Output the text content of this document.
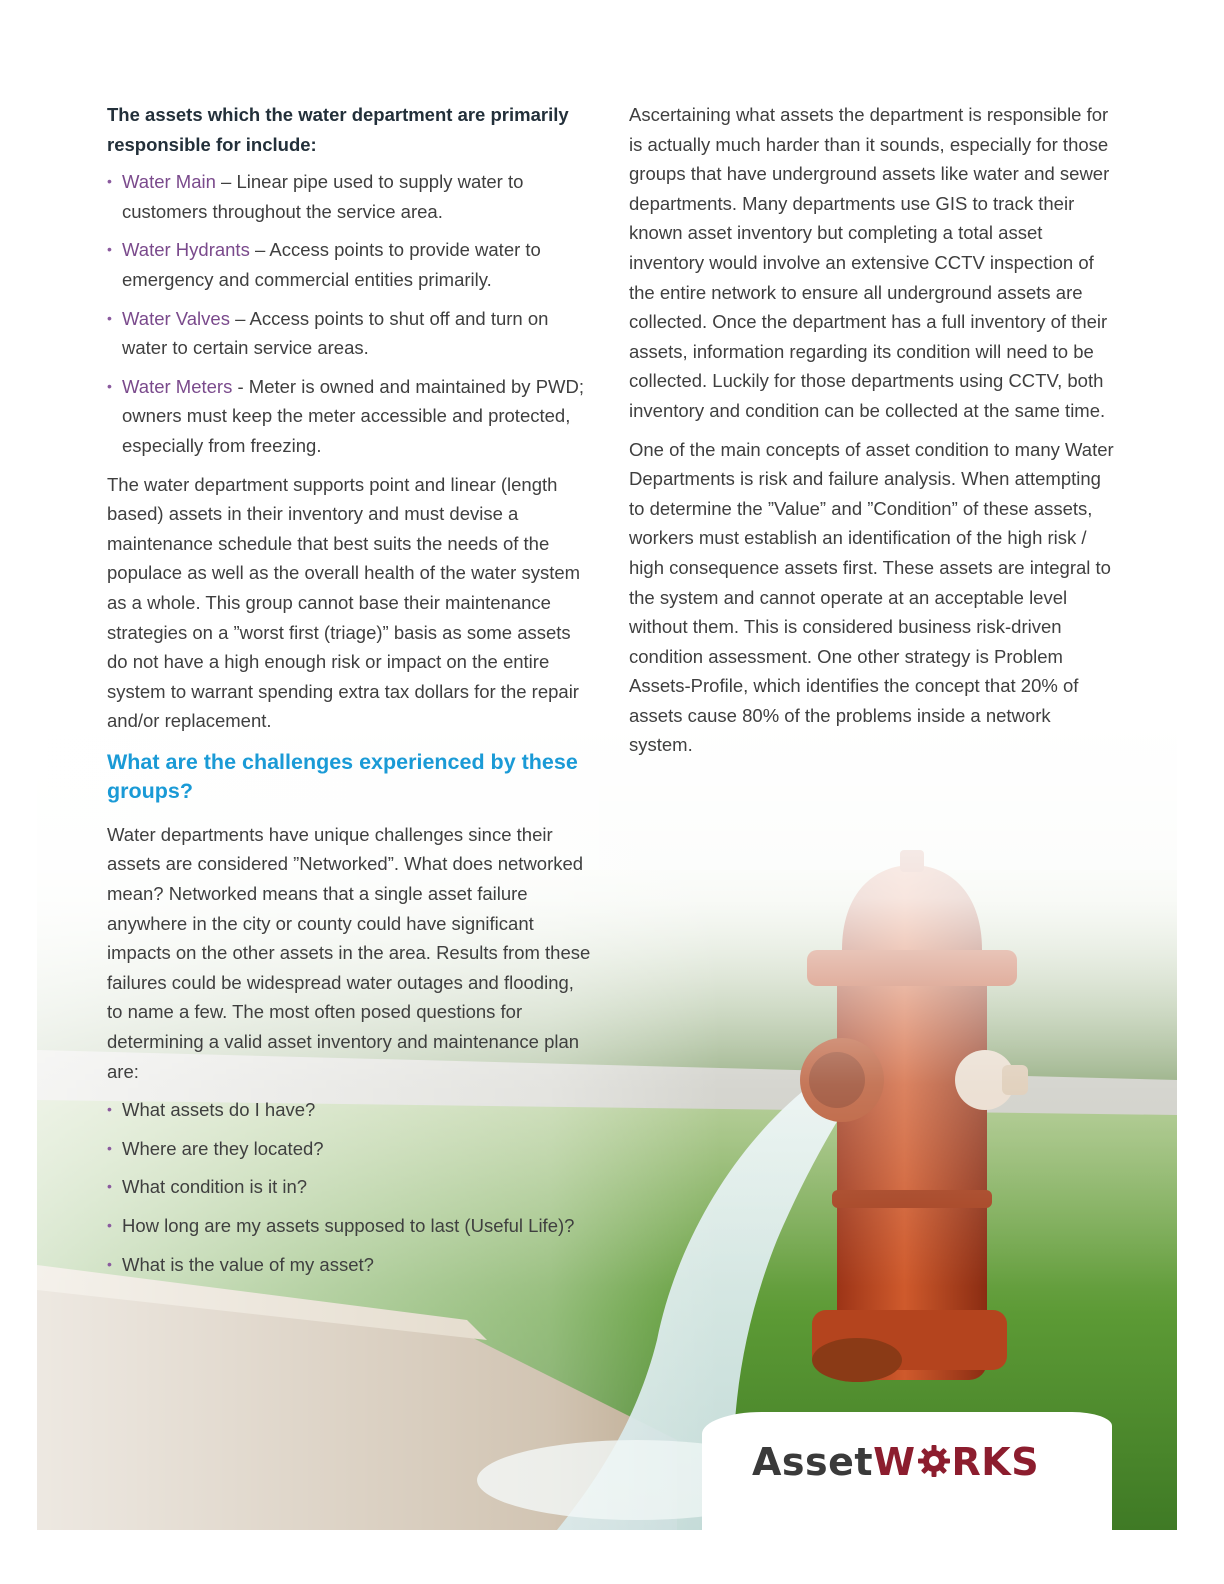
The assets which the water department are primarily responsible for include:

• Water Main – Linear pipe used to supply water to customers throughout the service area.
• Water Hydrants – Access points to provide water to emergency and commercial entities primarily.
• Water Valves – Access points to shut off and turn on water to certain service areas.
• Water Meters - Meter is owned and maintained by PWD; owners must keep the meter accessible and protected, especially from freezing.

The water department supports point and linear (length based) assets in their inventory and must devise a maintenance schedule that best suits the needs of the populace as well as the overall health of the water system as a whole. This group cannot base their maintenance strategies on a ”worst first (triage)” basis as some assets do not have a high enough risk or impact on the entire system to warrant spending extra tax dollars for the repair and/or replacement.

What are the challenges experienced by these groups?

Water departments have unique challenges since their assets are considered ”Networked”. What does networked mean? Networked means that a single asset failure anywhere in the city or county could have significant impacts on the other assets in the area. Results from these failures could be widespread water outages and flooding, to name a few. The most often posed questions for determining a valid asset inventory and maintenance plan are:

• What assets do I have?
• Where are they located?
• What condition is it in?
• How long are my assets supposed to last (Useful Life)?
• What is the value of my asset?

Ascertaining what assets the department is responsible for is actually much harder than it sounds, especially for those groups that have underground assets like water and sewer departments. Many departments use GIS to track their known asset inventory but completing a total asset inventory would involve an extensive CCTV inspection of the entire network to ensure all underground assets are collected. Once the department has a full inventory of their assets, information regarding its condition will need to be collected. Luckily for those departments using CCTV, both inventory and condition can be collected at the same time.

One of the main concepts of asset condition to many Water Departments is risk and failure analysis. When attempting to determine the ”Value” and ”Condition” of these assets, workers must establish an identification of the high risk / high consequence assets first. These assets are integral to the system and cannot operate at an acceptable level without them. This is considered business risk-driven condition assessment. One other strategy is Problem Assets-Profile, which identifies the concept that 20% of assets cause 80% of the problems inside a network system.

AssetW RKS
